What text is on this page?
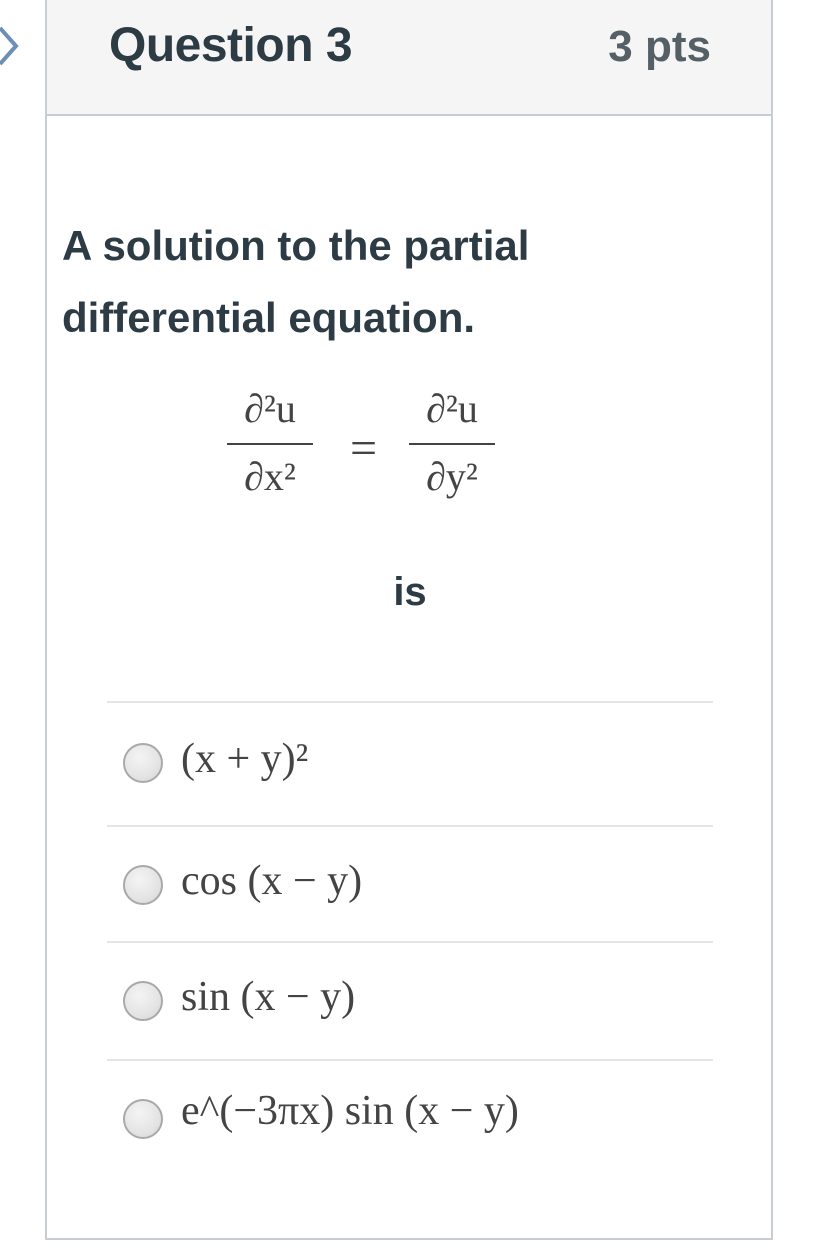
Question 3	3 pts
A solution to the partial differential equation.
∂²u
∂x²
=
∂²u
∂y²
is
(x + y)²
cos (x − y)
sin (x − y)
e^(−3πx) sin (x − y)
